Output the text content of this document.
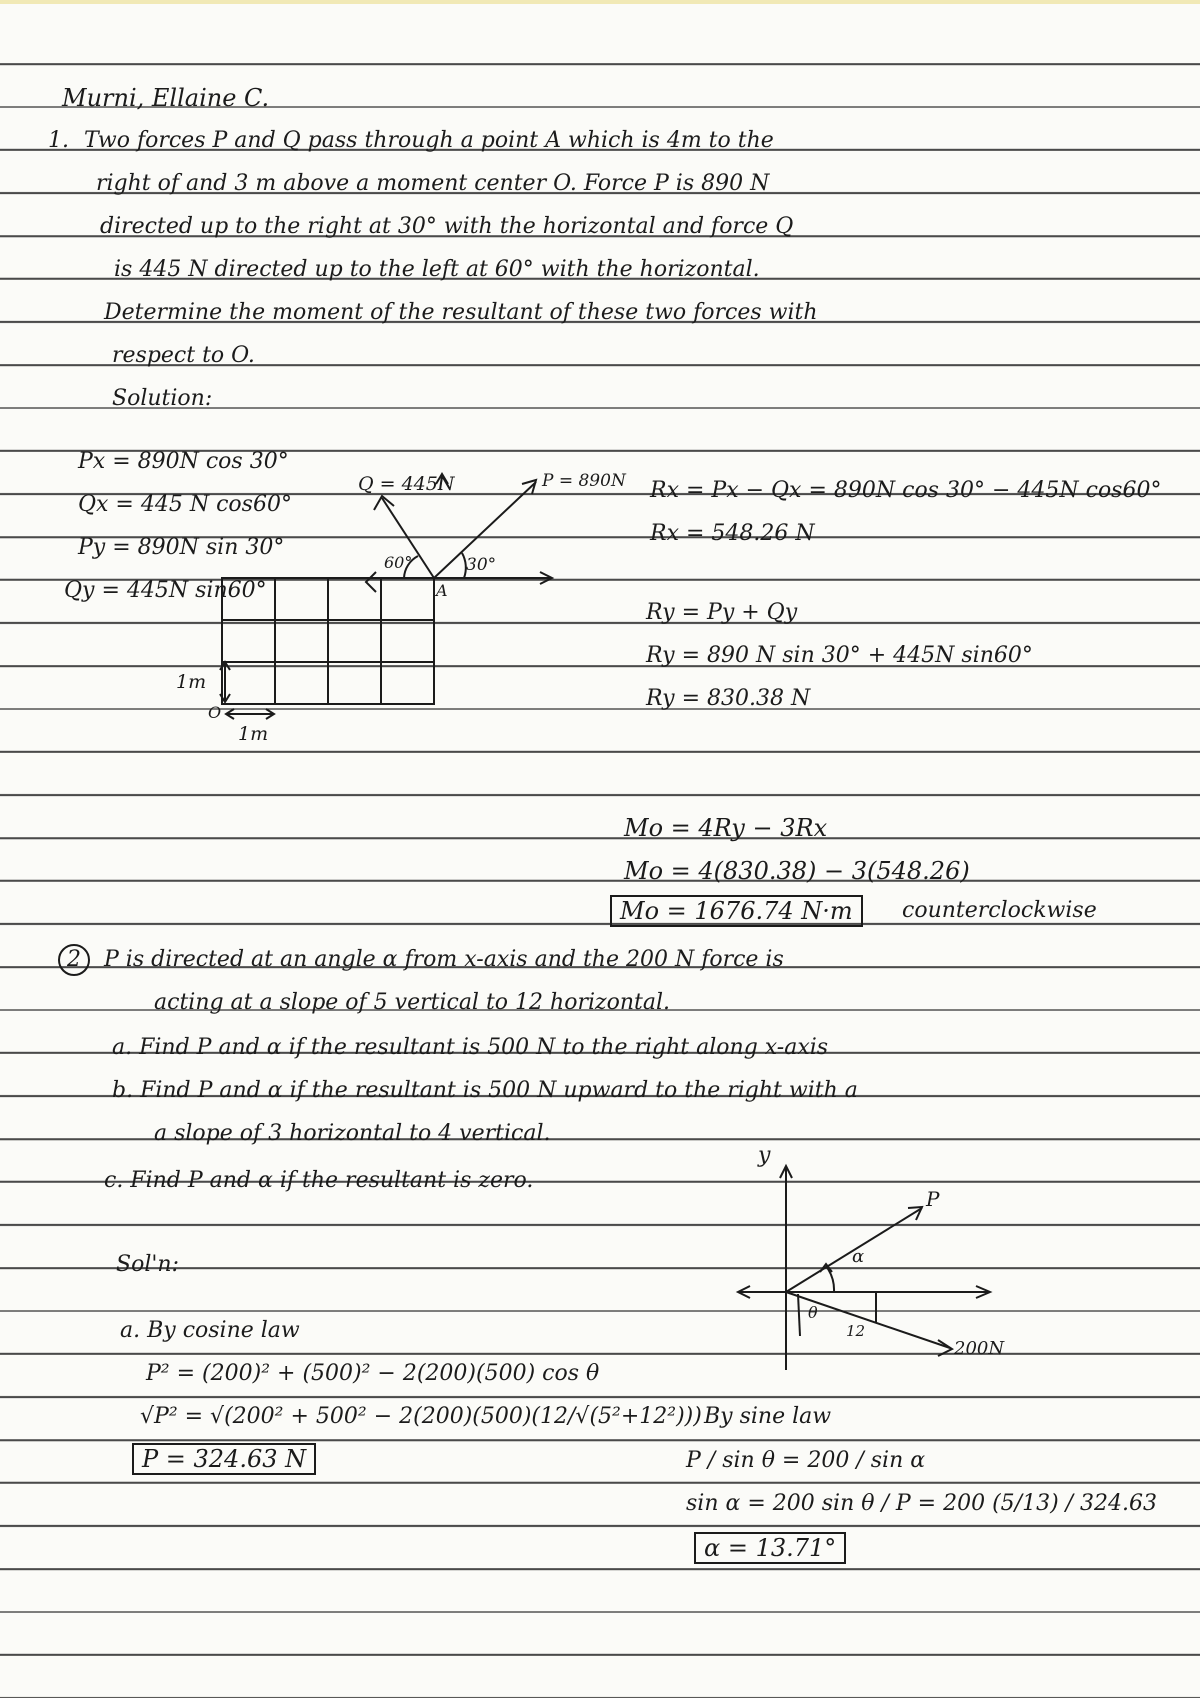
Murni, Ellaine C.
1. Two forces P and Q pass through a point A which is 4m to the
right of and 3 m above a moment center O. Force P is 890 N
directed up to the right at 30° with the horizontal and force Q
is 445 N directed up to the left at 60° with the horizontal.
Determine the moment of the resultant of these two forces with
respect to O.
Solution:
Px = 890N cos 30°
Qx = 445 N cos60°
Py = 890N sin 30°
Qy = 445N sin60°
Q = 445N	P = 890N
60°	30°
A
O
1m
1m
Rx = Px − Qx = 890N cos 30° − 445N cos60°
Rx = 548.26 N
Ry = Py + Qy
Ry = 890 N sin 30° + 445N sin60°
Ry = 830.38 N
Mo = 4Ry − 3Rx
Mo = 4(830.38) − 3(548.26)
Mo = 1676.74 N·m	counterclockwise
2	P is directed at an angle α from x-axis and the 200 N force is
acting at a slope of 5 vertical to 12 horizontal.
a. Find P and α if the resultant is 500 N to the right along x-axis
b. Find P and α if the resultant is 500 N upward to the right with a
a slope of 3 horizontal to 4 vertical.
c. Find P and α if the resultant is zero.
Sol'n:
a. By cosine law
P² = (200)² + (500)² − 2(200)(500) cos θ
√P² = √(200² + 500² − 2(200)(500)(12/√(5²+12²)))
P = 324.63 N
y
P
α
θ
12
200N
By sine law
P / sin θ = 200 / sin α
sin α = 200 sin θ / P = 200 (5/13) / 324.63
α = 13.71°
